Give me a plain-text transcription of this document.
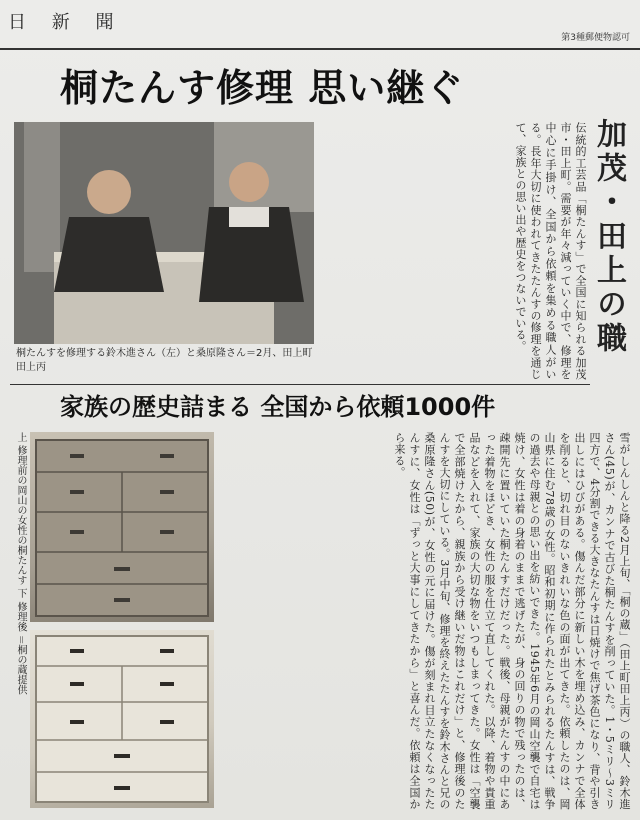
日 新 聞
第3種郵便物認可
桐たんす修理 思い継ぐ
加茂・田上の職
桐たんすを修理する鈴木進さん（左）と桑原隆さん＝2月、田上町田上丙	伝統的工芸品「桐たんす」で全国に知られる加茂市・田上町。需要が年々減っていく中で、修理を中心に手掛け、全国から依頼を集める職人がいる。長年大切に使われてきたたんすの修理を通じて、家族との思い出や歴史をつないでいる。
家族の歴史詰まる 全国から依頼1000件
上 修理前の岡山の女性の桐たんす 下 修理後 ＝桐の蔵提供	雪がしんしんと降る2月上旬、「桐の蔵」（田上町田上丙）の職人、鈴木進さん(45)が、カンナで古びた桐たんすを削っていた。1・5ミリ～3ミリ四方で、4分割できる大きなたんすは日焼けで焦げ茶色になり、背や引き出しにはひびがある。傷んだ部分に新しい木を埋め込み、カンナで全体を削ると、切れ目のないきれいな色の面が出てきた。依頼したのは、岡山県に住む78歳の女性。昭和初期に作られたとみられるたんすは、戦争の過去や母親との思い出を紡いできた。1945年6月の岡山空襲で自宅は焼け、女性は着の身着のままで逃げたが、身の回りの物で残ったのは、疎開先に置いていた桐たんすだけだった。戦後、母親がたんすの中にあった着物をほどき、女性の服を仕立て直してくれた。以降、着物や貴重品などを入れて、家族の大切な物をいつもしまってきた。女性は「空襲で全部焼けたから、親族から受け継いだ物はこれだけ」と、修理後のたんすを大切にしている。3月中旬、修理を終えたたんすを鈴木さんと兄の桑原隆さん(50)が、女性の元に届けた。傷が刻まれ目立たなくなったたんすに、女性は「ずっと大事にしてきたから」と喜んだ。依頼は全国から来る。
